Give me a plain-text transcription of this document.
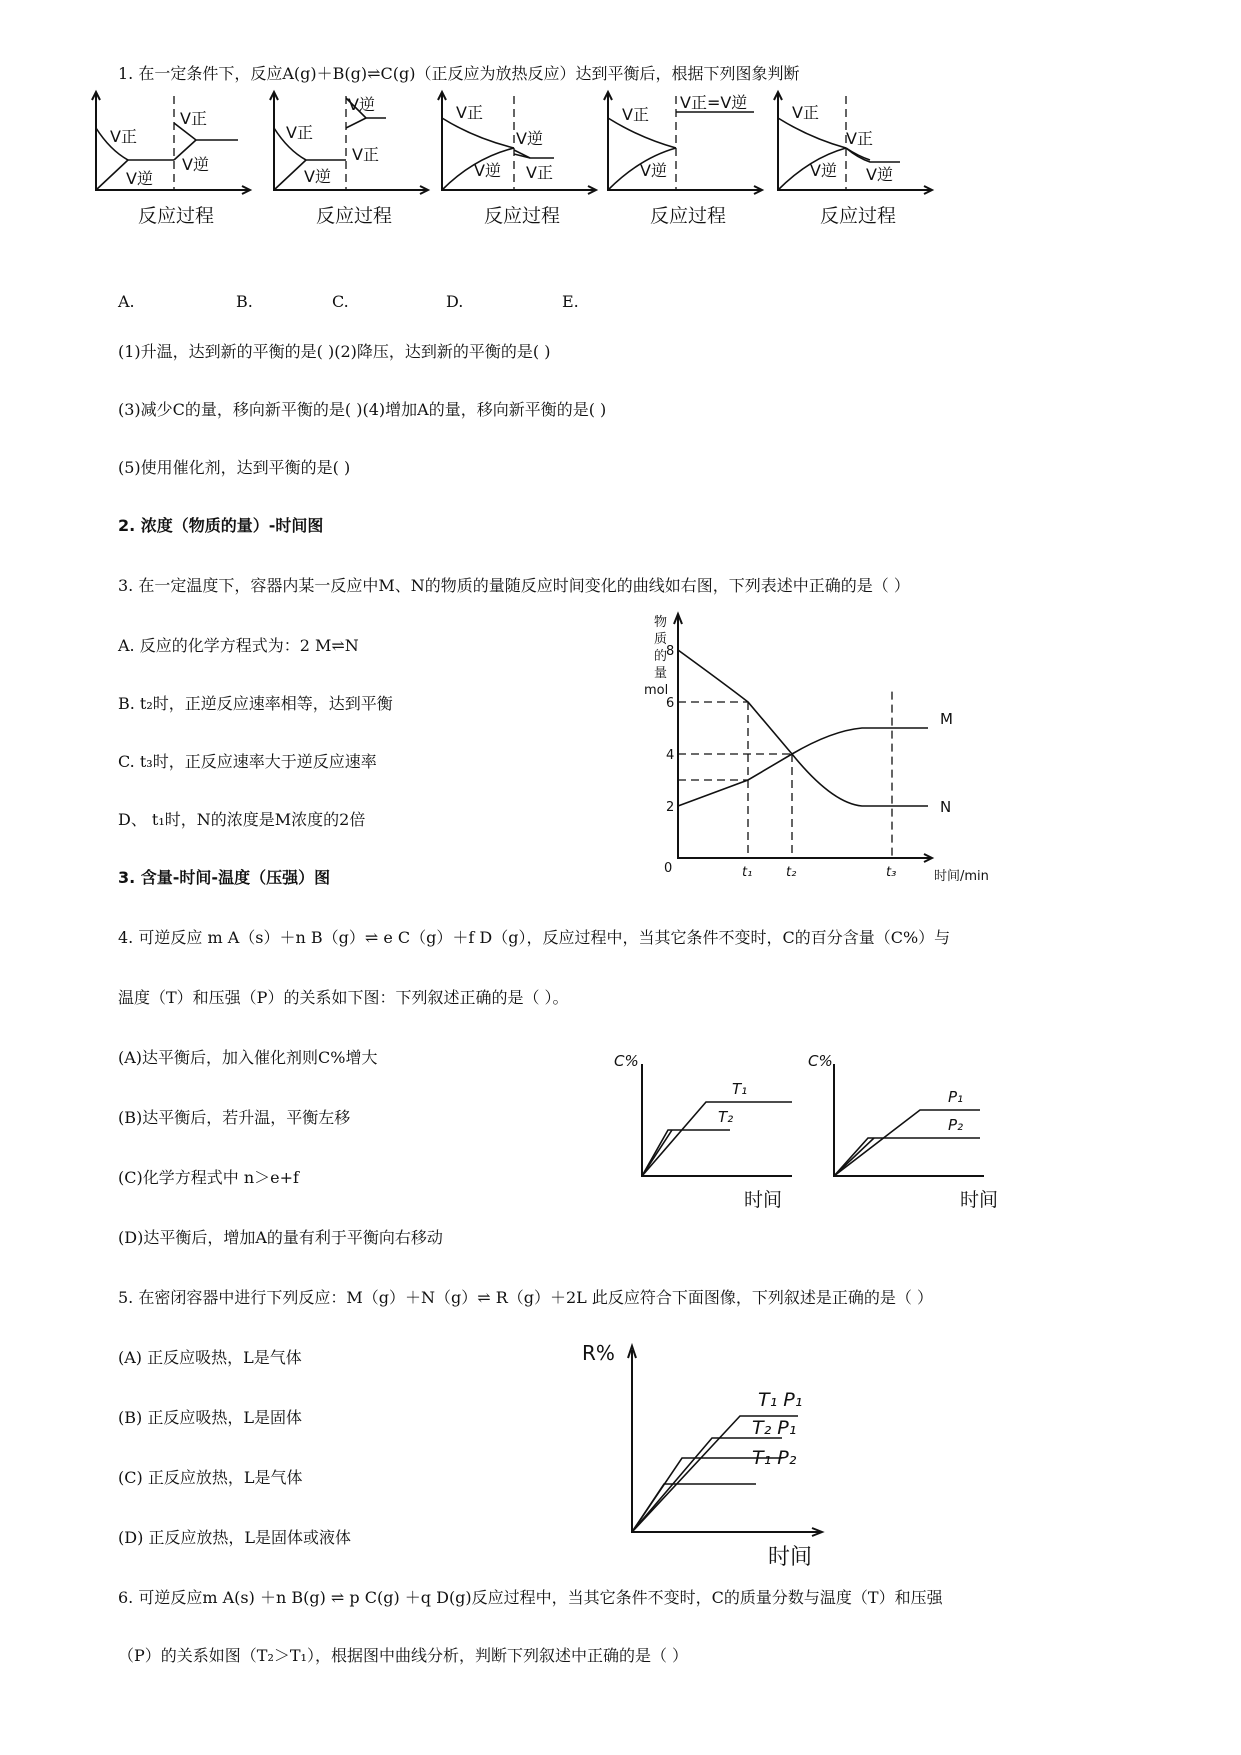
1. 在一定条件下，反应A(g)＋B(g)⇌C(g)（正反应为放热反应）达到平衡后，根据下列图象判断
V正
V正
V逆
V逆
反应过程
V正
V逆
V逆
V正
反应过程
V正
V逆
V逆
V正
反应过程
V正
V逆
V正=V逆
反应过程
V正
V逆
V正
V逆
反应过程
A.	B.	C.	D.	E.
(1)升温，达到新的平衡的是( )(2)降压，达到新的平衡的是( )
(3)减少C的量，移向新平衡的是( )(4)增加A的量，移向新平衡的是( )
(5)使用催化剂，达到平衡的是( )
2. 浓度（物质的量）-时间图
3. 在一定温度下，容器内某一反应中M、N的物质的量随反应时间变化的曲线如右图，下列表述中正确的是（ ）
A. 反应的化学方程式为：2 M⇌N
B. t₂时，正逆反应速率相等，达到平衡
C. t₃时，正反应速率大于逆反应速率
D、 t₁时，N的浓度是M浓度的2倍
物
质
的
量
mol
0
时间/min
2
4
6
8
t₁	t₂	t₃
M
N
3. 含量-时间-温度（压强）图
4. 可逆反应 m A（s）＋n B（g）⇌ e C（g）＋f D（g），反应过程中，当其它条件不变时，C的百分含量（C%）与
温度（T）和压强（P）的关系如下图：下列叙述正确的是（ ）。
(A)达平衡后，加入催化剂则C%增大
(B)达平衡后，若升温，平衡左移
(C)化学方程式中 n＞e+f
(D)达平衡后，增加A的量有利于平衡向右移动
C%
T₁
T₂
时间
C%
P₁
P₂
时间
5. 在密闭容器中进行下列反应：M（g）＋N（g）⇌ R（g）＋2L 此反应符合下面图像，下列叙述是正确的是（ ）
(A) 正反应吸热，L是气体
(B) 正反应吸热，L是固体
(C) 正反应放热，L是气体
(D) 正反应放热，L是固体或液体
R%
T₁ P₁
T₂ P₁
T₁ P₂
时间
6. 可逆反应m A(s) ＋n B(g) ⇌ p C(g) ＋q D(g)反应过程中，当其它条件不变时，C的质量分数与温度（T）和压强
（P）的关系如图（T₂＞T₁），根据图中曲线分析，判断下列叙述中正确的是（ ）
